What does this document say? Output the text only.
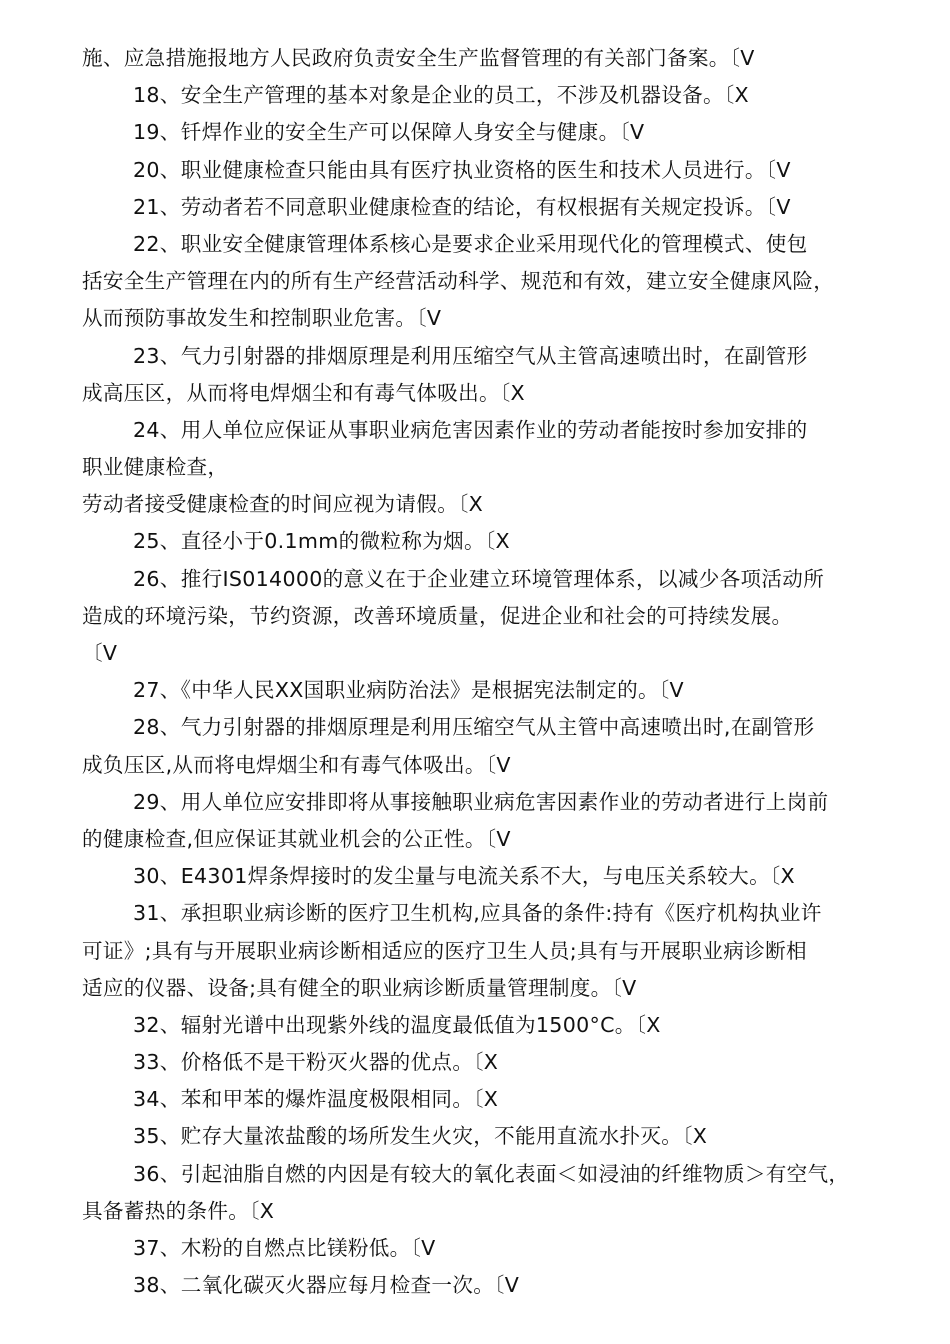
施、应急措施报地方人民政府负责安全生产监督管理的有关部门备案。〔V
18、安全生产管理的基本对象是企业的员工，不涉及机器设备。〔X
19、钎焊作业的安全生产可以保障人身安全与健康。〔V
20、职业健康检查只能由具有医疗执业资格的医生和技术人员进行。〔V
21、劳动者若不同意职业健康检查的结论，有权根据有关规定投诉。〔V
22、职业安全健康管理体系核心是要求企业采用现代化的管理模式、使包
括安全生产管理在内的所有生产经营活动科学、规范和有效，建立安全健康风险，
从而预防事故发生和控制职业危害。〔V
23、气力引射器的排烟原理是利用压缩空气从主管高速喷出时，在副管形
成高压区，从而将电焊烟尘和有毒气体吸出。〔X
24、用人单位应保证从事职业病危害因素作业的劳动者能按时参加安排的
职业健康检查，
劳动者接受健康检查的时间应视为请假。〔X
25、直径小于0.1mm的微粒称为烟。〔X
26、推行IS014000的意义在于企业建立环境管理体系，以减少各项活动所
造成的环境污染，节约资源，改善环境质量，促进企业和社会的可持续发展。
〔V
27、《中华人民XX国职业病防治法》是根据宪法制定的。〔V
28、气力引射器的排烟原理是利用压缩空气从主管中高速喷出时,在副管形
成负压区,从而将电焊烟尘和有毒气体吸出。〔V
29、用人单位应安排即将从事接触职业病危害因素作业的劳动者进行上岗前
的健康检查,但应保证其就业机会的公正性。〔V
30、E4301焊条焊接时的发尘量与电流关系不大，与电压关系较大。〔X
31、承担职业病诊断的医疗卫生机构,应具备的条件:持有《医疗机构执业许
可证》;具有与开展职业病诊断相适应的医疗卫生人员;具有与开展职业病诊断相
适应的仪器、设备;具有健全的职业病诊断质量管理制度。〔V
32、辐射光谱中出现紫外线的温度最低值为1500°C。〔X
33、价格低不是干粉灭火器的优点。〔X
34、苯和甲苯的爆炸温度极限相同。〔X
35、贮存大量浓盐酸的场所发生火灾，不能用直流水扑灭。〔X
36、引起油脂自燃的内因是有较大的氧化表面＜如浸油的纤维物质＞有空气，
具备蓄热的条件。〔X
37、木粉的自燃点比镁粉低。〔V
38、二氧化碳灭火器应每月检查一次。〔V
